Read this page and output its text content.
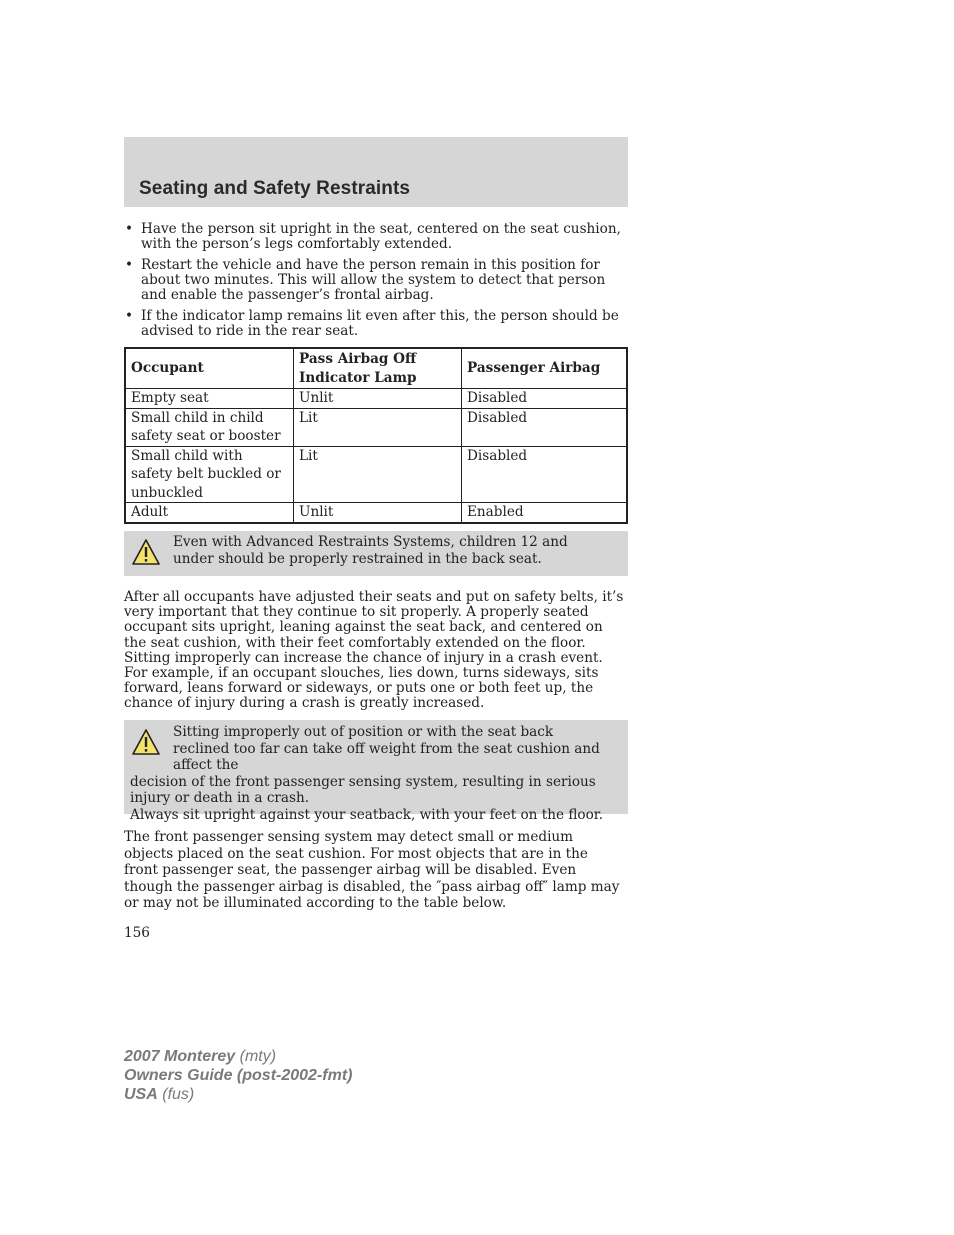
Seating and Safety Restraints
• Have the person sit upright in the seat, centered on the seat cushion, with the person’s legs comfortably extended.
• Restart the vehicle and have the person remain in this position for about two minutes. This will allow the system to detect that person and enable the passenger’s frontal airbag.
• If the indicator lamp remains lit even after this, the person should be advised to ride in the rear seat.
Occupant	Pass Airbag Off Indicator Lamp	Passenger Airbag
Empty seat	Unlit	Disabled
Small child in child safety seat or booster	Lit	Disabled
Small child with safety belt buckled or unbuckled	Lit	Disabled
Adult	Unlit	Enabled
Even with Advanced Restraints Systems, children 12 and under should be properly restrained in the back seat.
After all occupants have adjusted their seats and put on safety belts, it’s very important that they continue to sit properly. A properly seated occupant sits upright, leaning against the seat back, and centered on the seat cushion, with their feet comfortably extended on the floor. Sitting improperly can increase the chance of injury in a crash event. For example, if an occupant slouches, lies down, turns sideways, sits forward, leans forward or sideways, or puts one or both feet up, the chance of injury during a crash is greatly increased.
Sitting improperly out of position or with the seat back reclined too far can take off weight from the seat cushion and affect the
decision of the front passenger sensing system, resulting in serious injury or death in a crash.
Always sit upright against your seatback, with your feet on the floor.
The front passenger sensing system may detect small or medium objects placed on the seat cushion. For most objects that are in the front passenger seat, the passenger airbag will be disabled. Even though the passenger airbag is disabled, the ″pass airbag off″ lamp may or may not be illuminated according to the table below.
156
2007 Monterey (mty)
Owners Guide (post-2002-fmt)
USA (fus)
